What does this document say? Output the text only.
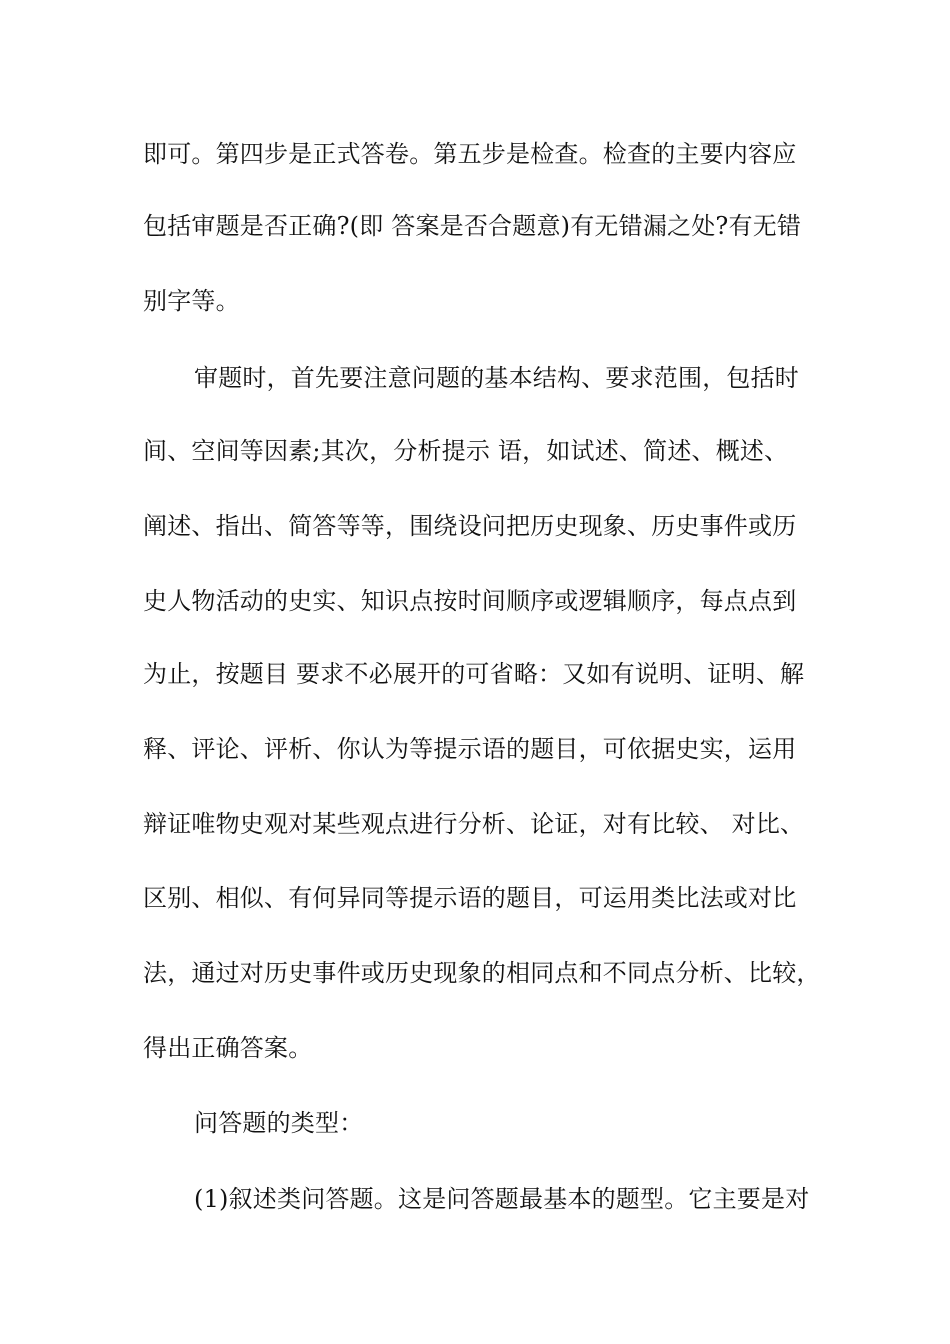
即可。第四步是正式答卷。第五步是检查。检查的主要内容应
包括审题是否正确?(即 答案是否合题意)有无错漏之处?有无错
别字等。
审题时，首先要注意问题的基本结构、要求范围，包括时
间、空间等因素;其次，分析提示 语，如试述、简述、概述、
阐述、指出、简答等等，围绕设问把历史现象、历史事件或历
史人物活动的史实、知识点按时间顺序或逻辑顺序，每点点到
为止，按题目 要求不必展开的可省略：又如有说明、证明、解
释、评论、评析、你认为等提示语的题目，可依据史实，运用
辩证唯物史观对某些观点进行分析、论证，对有比较、 对比、
区别、相似、有何异同等提示语的题目，可运用类比法或对比
法，通过对历史事件或历史现象的相同点和不同点分析、比较，
得出正确答案。
问答题的类型：
(1)叙述类问答题。这是问答题最基本的题型。它主要是对
